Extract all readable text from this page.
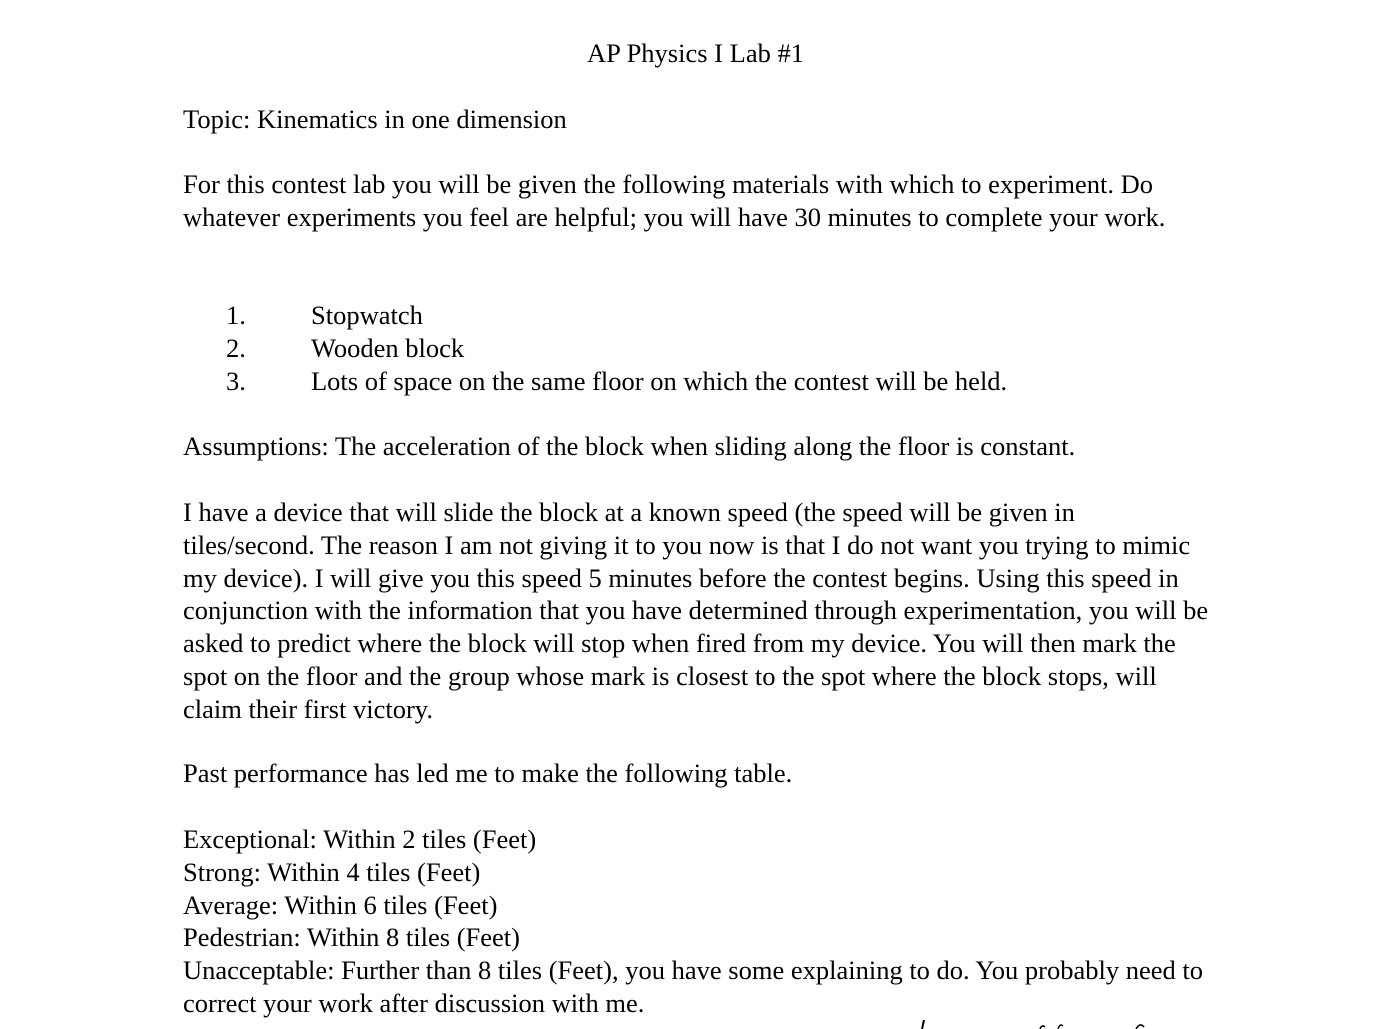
AP Physics I Lab #1

Topic: Kinematics in one dimension

For this contest lab you will be given the following materials with which to experiment. Do whatever experiments you feel are helpful; you will have 30 minutes to complete your work.

1. Stopwatch
2. Wooden block
3. Lots of space on the same floor on which the contest will be held.

Assumptions: The acceleration of the block when sliding along the floor is constant.

I have a device that will slide the block at a known speed (the speed will be given in tiles/second. The reason I am not giving it to you now is that I do not want you trying to mimic my device). I will give you this speed 5 minutes before the contest begins. Using this speed in conjunction with the information that you have determined through experimentation, you will be asked to predict where the block will stop when fired from my device. You will then mark the spot on the floor and the group whose mark is closest to the spot where the block stops, will claim their first victory.

Past performance has led me to make the following table.

Exceptional: Within 2 tiles (Feet)
Strong: Within 4 tiles (Feet)
Average: Within 6 tiles (Feet)
Pedestrian: Within 8 tiles (Feet)
Unacceptable: Further than 8 tiles (Feet), you have some explaining to do. You probably need to correct your work after discussion with me.
